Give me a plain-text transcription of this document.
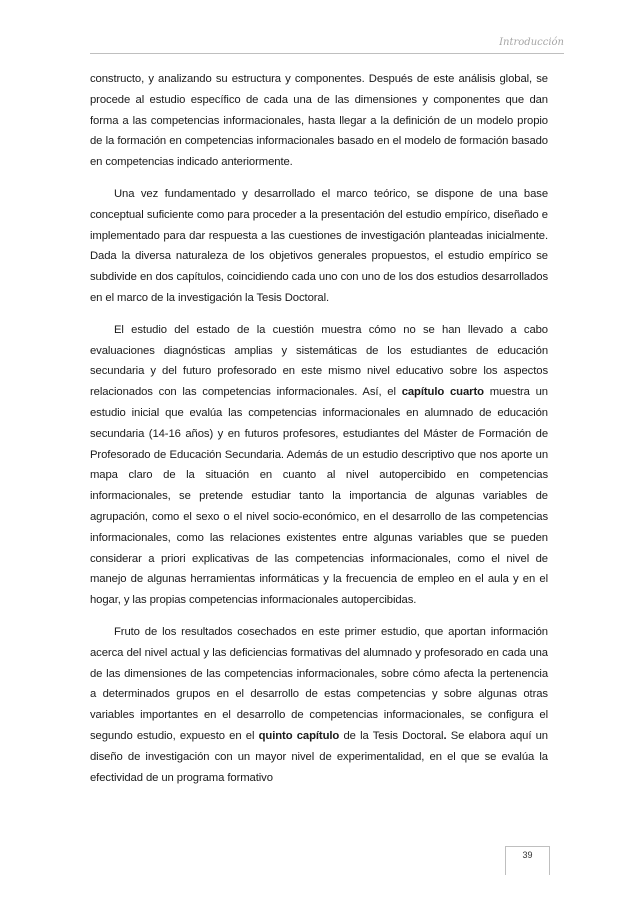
Introducción

constructo, y analizando su estructura y componentes. Después de este análisis global, se procede al estudio específico de cada una de las dimensiones y componentes que dan forma a las competencias informacionales, hasta llegar a la definición de un modelo propio de la formación en competencias informacionales basado en el modelo de formación basado en competencias indicado anteriormente.

Una vez fundamentado y desarrollado el marco teórico, se dispone de una base conceptual suficiente como para proceder a la presentación del estudio empírico, diseñado e implementado para dar respuesta a las cuestiones de investigación planteadas inicialmente. Dada la diversa naturaleza de los objetivos generales propuestos, el estudio empírico se subdivide en dos capítulos, coincidiendo cada uno con uno de los dos estudios desarrollados en el marco de la investigación la Tesis Doctoral.

El estudio del estado de la cuestión muestra cómo no se han llevado a cabo evaluaciones diagnósticas amplias y sistemáticas de los estudiantes de educación secundaria y del futuro profesorado en este mismo nivel educativo sobre los aspectos relacionados con las competencias informacionales. Así, el capítulo cuarto muestra un estudio inicial que evalúa las competencias informacionales en alumnado de educación secundaria (14-16 años) y en futuros profesores, estudiantes del Máster de Formación de Profesorado de Educación Secundaria. Además de un estudio descriptivo que nos aporte un mapa claro de la situación en cuanto al nivel autopercibido en competencias informacionales, se pretende estudiar tanto la importancia de algunas variables de agrupación, como el sexo o el nivel socio-económico, en el desarrollo de las competencias informacionales, como las relaciones existentes entre algunas variables que se pueden considerar a priori explicativas de las competencias informacionales, como el nivel de manejo de algunas herramientas informáticas y la frecuencia de empleo en el aula y en el hogar, y las propias competencias informacionales autopercibidas.

Fruto de los resultados cosechados en este primer estudio, que aportan información acerca del nivel actual y las deficiencias formativas del alumnado y profesorado en cada una de las dimensiones de las competencias informacionales, sobre cómo afecta la pertenencia a determinados grupos en el desarrollo de estas competencias y sobre algunas otras variables importantes en el desarrollo de competencias informacionales, se configura el segundo estudio, expuesto en el quinto capítulo de la Tesis Doctoral. Se elabora aquí un diseño de investigación con un mayor nivel de experimentalidad, en el que se evalúa la efectividad de un programa formativo

39
